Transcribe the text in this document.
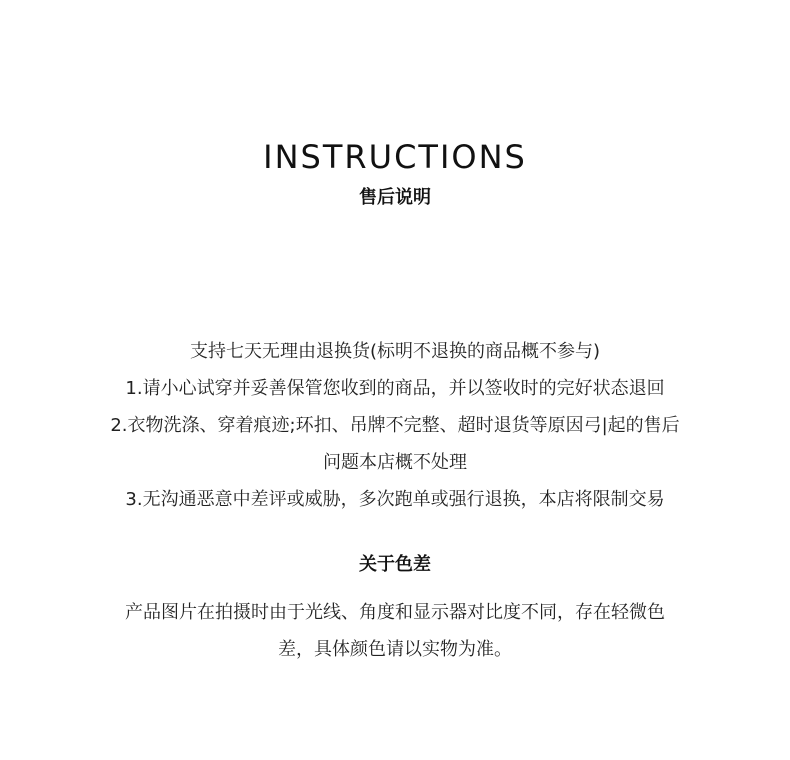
INSTRUCTIONS
售后说明
支持七天无理由退换货(标明不退换的商品概不参与)
1.请小心试穿并妥善保管您收到的商品，并以签收时的完好状态退回
2.衣物洗涤、穿着痕迹;环扣、吊牌不完整、超时退货等原因弓|起的售后
问题本店概不处理
3.无沟通恶意中差评或威胁，多次跑单或强行退换，本店将限制交易
关于色差
产品图片在拍摄时由于光线、角度和显示器对比度不同，存在轻微色
差，具体颜色请以实物为准。
